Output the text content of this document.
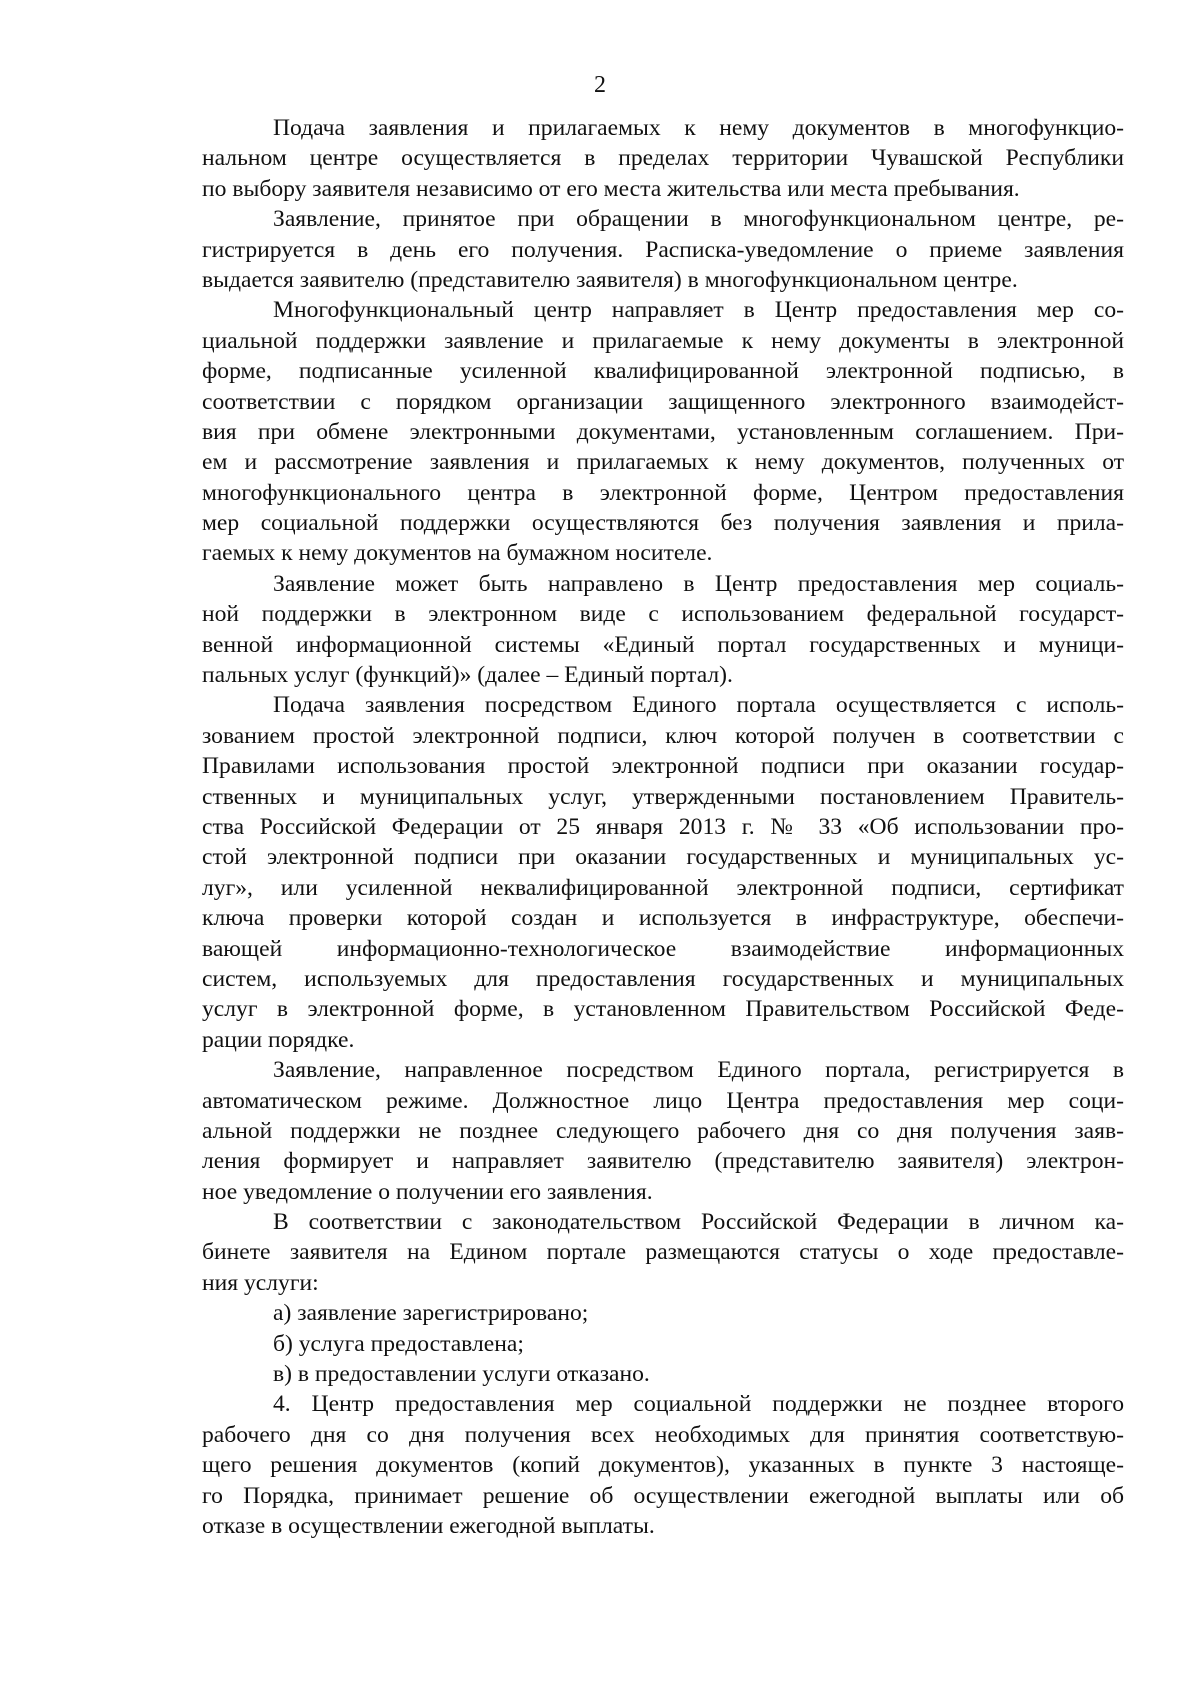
2
Подача заявления и прилагаемых к нему документов в многофункцио-
нальном центре осуществляется в пределах территории Чувашской Республики
по выбору заявителя независимо от его места жительства или места пребывания.
Заявление, принятое при обращении в многофункциональном центре, ре-
гистрируется в день его получения. Расписка-уведомление о приеме заявления
выдается заявителю (представителю заявителя) в многофункциональном центре.
Многофункциональный центр направляет в Центр предоставления мер со-
циальной поддержки заявление и прилагаемые к нему документы в электронной
форме, подписанные усиленной квалифицированной электронной подписью, в
соответствии с порядком организации защищенного электронного взаимодейст-
вия при обмене электронными документами, установленным соглашением. При-
ем и рассмотрение заявления и прилагаемых к нему документов, полученных от
многофункционального центра в электронной форме, Центром предоставления
мер социальной поддержки осуществляются без получения заявления и прила-
гаемых к нему документов на бумажном носителе.
Заявление может быть направлено в Центр предоставления мер социаль-
ной поддержки в электронном виде с использованием федеральной государст-
венной информационной системы «Единый портал государственных и муници-
пальных услуг (функций)» (далее – Единый портал).
Подача заявления посредством Единого портала осуществляется с исполь-
зованием простой электронной подписи, ключ которой получен в соответствии с
Правилами использования простой электронной подписи при оказании государ-
ственных и муниципальных услуг, утвержденными постановлением Правитель-
ства Российской Федерации от 25 января 2013 г. № 33 «Об использовании про-
стой электронной подписи при оказании государственных и муниципальных ус-
луг», или усиленной неквалифицированной электронной подписи, сертификат
ключа проверки которой создан и используется в инфраструктуре, обеспечи-
вающей информационно-технологическое взаимодействие информационных
систем, используемых для предоставления государственных и муниципальных
услуг в электронной форме, в установленном Правительством Российской Феде-
рации порядке.
Заявление, направленное посредством Единого портала, регистрируется в
автоматическом режиме. Должностное лицо Центра предоставления мер соци-
альной поддержки не позднее следующего рабочего дня со дня получения заяв-
ления формирует и направляет заявителю (представителю заявителя) электрон-
ное уведомление о получении его заявления.
В соответствии с законодательством Российской Федерации в личном ка-
бинете заявителя на Едином портале размещаются статусы о ходе предоставле-
ния услуги:
а) заявление зарегистрировано;
б) услуга предоставлена;
в) в предоставлении услуги отказано.
4. Центр предоставления мер социальной поддержки не позднее второго
рабочего дня со дня получения всех необходимых для принятия соответствую-
щего решения документов (копий документов), указанных в пункте 3 настояще-
го Порядка, принимает решение об осуществлении ежегодной выплаты или об
отказе в осуществлении ежегодной выплаты.
